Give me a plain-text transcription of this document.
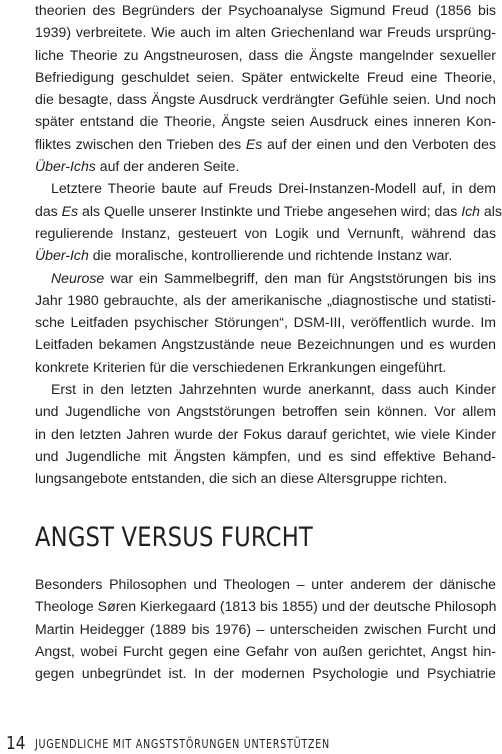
theorien des Begründers der Psychoanalyse Sigmund Freud (1856 bis
1939) verbreitete. Wie auch im alten Griechenland war Freuds ursprüng-
liche Theorie zu Angstneurosen, dass die Ängste mangelnder sexueller
Befriedigung geschuldet seien. Später entwickelte Freud eine Theorie,
die besagte, dass Ängste Ausdruck verdrängter Gefühle seien. Und noch
später entstand die Theorie, Ängste seien Ausdruck eines inneren Kon-
fliktes zwischen den Trieben des Es auf der einen und den Verboten des
Über-Ichs auf der anderen Seite.

Letztere Theorie baute auf Freuds Drei-Instanzen-Modell auf, in dem
das Es als Quelle unserer Instinkte und Triebe angesehen wird; das Ich als
regulierende Instanz, gesteuert von Logik und Vernunft, während das
Über-Ich die moralische, kontrollierende und richtende Instanz war.

Neurose war ein Sammelbegriff, den man für Angststörungen bis ins
Jahr 1980 gebrauchte, als der amerikanische „diagnostische und statisti-
sche Leitfaden psychischer Störungen“, DSM-III, veröffentlich wurde. Im
Leitfaden bekamen Angstzustände neue Bezeichnungen und es wurden
konkrete Kriterien für die verschiedenen Erkrankungen eingeführt.

Erst in den letzten Jahrzehnten wurde anerkannt, dass auch Kinder
und Jugendliche von Angststörungen betroffen sein können. Vor allem
in den letzten Jahren wurde der Fokus darauf gerichtet, wie viele Kinder
und Jugendliche mit Ängsten kämpfen, und es sind effektive Behand-
lungsangebote entstanden, die sich an diese Altersgruppe richten.

ANGST VERSUS FURCHT

Besonders Philosophen und Theologen – unter anderem der dänische
Theologe Søren Kierkegaard (1813 bis 1855) und der deutsche Philosoph
Martin Heidegger (1889 bis 1976) – unterscheiden zwischen Furcht und
Angst, wobei Furcht gegen eine Gefahr von außen gerichtet, Angst hin-
gegen unbegründet ist. In der modernen Psychologie und Psychiatrie

14 JUGENDLICHE MIT ANGSTSTÖRUNGEN UNTERSTÜTZEN
